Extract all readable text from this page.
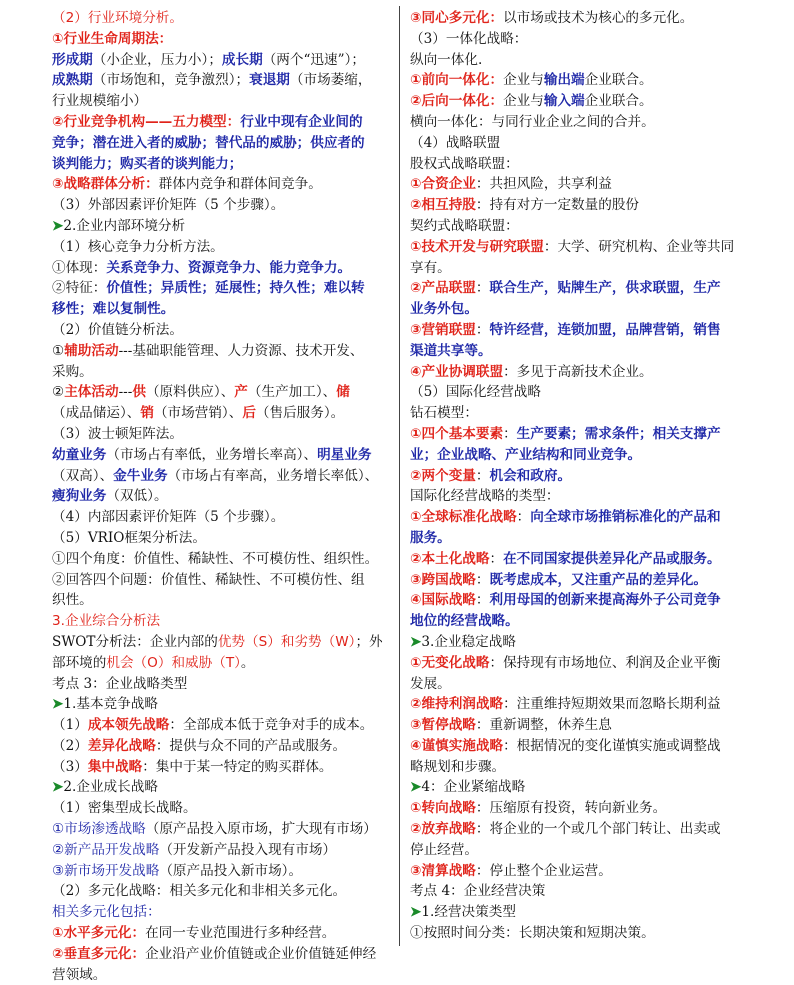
（2）行业环境分析。
①行业生命周期法：
形成期（小企业，压力小）；成长期（两个“迅速”）；
成熟期（市场饱和，竞争激烈）；衰退期（市场萎缩，
行业规模缩小）
②行业竞争机构——五力模型：行业中现有企业间的
竞争；潜在进入者的威胁；替代品的威胁；供应者的
谈判能力；购买者的谈判能力；
③战略群体分析：群体内竞争和群体间竞争。
（3）外部因素评价矩阵（5 个步骤）。
➤2.企业内部环境分析
（1）核心竞争力分析方法。
①体现：关系竞争力、资源竞争力、能力竞争力。
②特征：价值性；异质性；延展性；持久性；难以转
移性；难以复制性。
（2）价值链分析法。
①辅助活动---基础职能管理、人力资源、技术开发、
采购。
②主体活动---供（原料供应）、产（生产加工）、储
（成品储运）、销（市场营销）、后（售后服务）。
（3）波士顿矩阵法。
幼童业务（市场占有率低，业务增长率高）、明星业务
（双高）、金牛业务（市场占有率高，业务增长率低）、
瘦狗业务（双低）。
（4）内部因素评价矩阵（5 个步骤）。
（5）VRIO框架分析法。
①四个角度：价值性、稀缺性、不可模仿性、组织性。
②回答四个问题：价值性、稀缺性、不可模仿性、组
织性。
3.企业综合分析法
SWOT分析法：企业内部的优势（S）和劣势（W）；外
部环境的机会（O）和威胁（T）。
考点 3：企业战略类型
➤1.基本竞争战略
（1）成本领先战略：全部成本低于竞争对手的成本。
（2）差异化战略：提供与众不同的产品或服务。
（3）集中战略：集中于某一特定的购买群体。
➤2.企业成长战略
（1）密集型成长战略。
①市场渗透战略（原产品投入原市场，扩大现有市场）
②新产品开发战略（开发新产品投入现有市场）
③新市场开发战略（原产品投入新市场）。
（2）多元化战略：相关多元化和非相关多元化。
相关多元化包括：
①水平多元化：在同一专业范围进行多种经营。
②垂直多元化：企业沿产业价值链或企业价值链延伸经
营领域。
③同心多元化：以市场或技术为核心的多元化。
（3）一体化战略：
纵向一体化.
①前向一体化：企业与输出端企业联合。
②后向一体化：企业与输入端企业联合。
横向一体化：与同行业企业之间的合并。
（4）战略联盟
股权式战略联盟：
①合资企业：共担风险，共享利益
②相互持股：持有对方一定数量的股份
契约式战略联盟：
①技术开发与研究联盟：大学、研究机构、企业等共同
享有。
②产品联盟：联合生产，贴牌生产，供求联盟，生产
业务外包。
③营销联盟：特许经营，连锁加盟，品牌营销，销售
渠道共享等。
④产业协调联盟：多见于高新技术企业。
（5）国际化经营战略
钻石模型：
①四个基本要素：生产要素；需求条件；相关支撑产
业；企业战略、产业结构和同业竞争。
②两个变量：机会和政府。
国际化经营战略的类型：
①全球标准化战略：向全球市场推销标准化的产品和
服务。
②本土化战略：在不同国家提供差异化产品或服务。
③跨国战略：既考虑成本，又注重产品的差异化。
④国际战略：利用母国的创新来提高海外子公司竞争
地位的经营战略。
➤3.企业稳定战略
①无变化战略：保持现有市场地位、利润及企业平衡
发展。
②维持利润战略：注重维持短期效果而忽略长期利益
③暂停战略：重新调整，休养生息
④谨慎实施战略：根据情况的变化谨慎实施或调整战
略规划和步骤。
➤4：企业紧缩战略
①转向战略：压缩原有投资，转向新业务。
②放弃战略：将企业的一个或几个部门转让、出卖或
停止经营。
③清算战略：停止整个企业运营。
考点 4：企业经营决策
➤1.经营决策类型
①按照时间分类：长期决策和短期决策。
